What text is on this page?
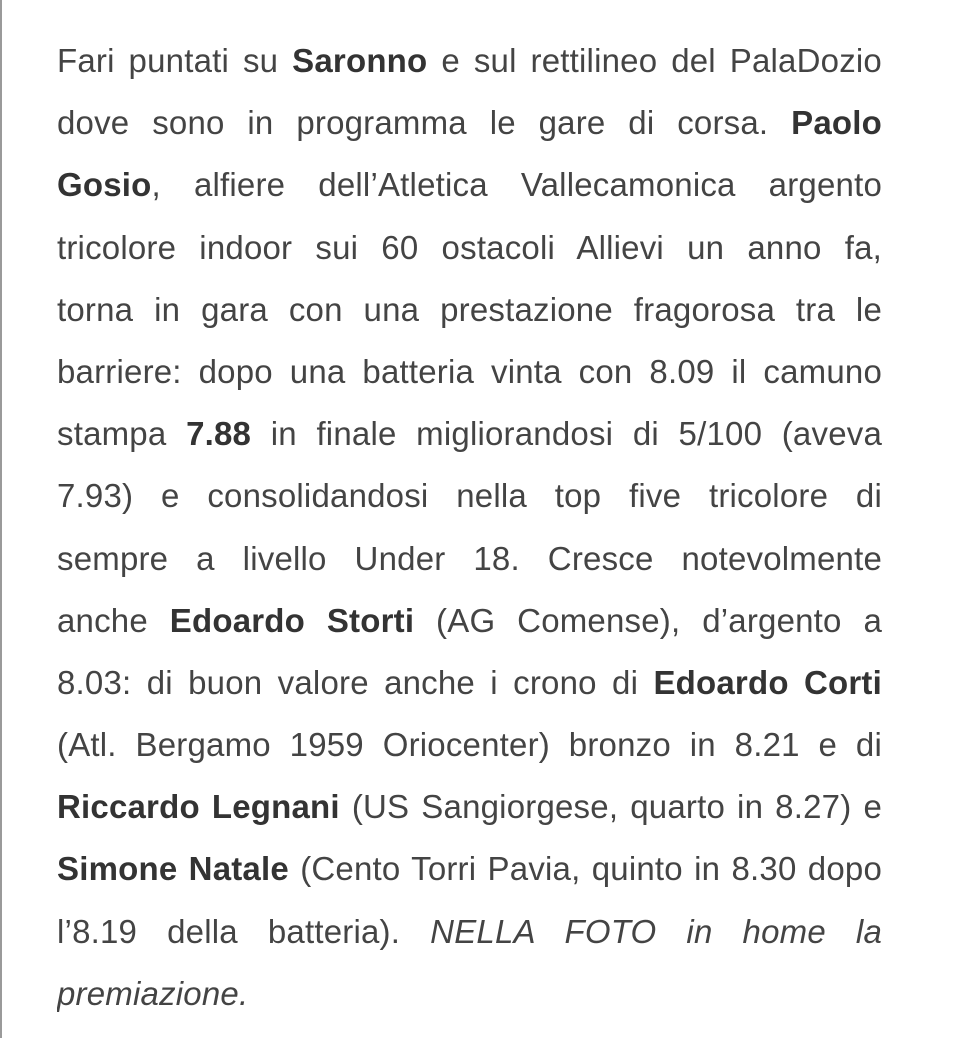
Fari puntati su Saronno e sul rettilineo del PalaDozio
dove sono in programma le gare di corsa. Paolo
Gosio, alfiere dell’Atletica Vallecamonica argento
tricolore indoor sui 60 ostacoli Allievi un anno fa,
torna in gara con una prestazione fragorosa tra le
barriere: dopo una batteria vinta con 8.09 il camuno
stampa 7.88 in finale migliorandosi di 5/100 (aveva
7.93) e consolidandosi nella top five tricolore di
sempre a livello Under 18. Cresce notevolmente
anche Edoardo Storti (AG Comense), d’argento a
8.03: di buon valore anche i crono di Edoardo Corti
(Atl. Bergamo 1959 Oriocenter) bronzo in 8.21 e di
Riccardo Legnani (US Sangiorgese, quarto in 8.27) e
Simone Natale (Cento Torri Pavia, quinto in 8.30 dopo
l’8.19 della batteria). NELLA FOTO in home la
premiazione.
